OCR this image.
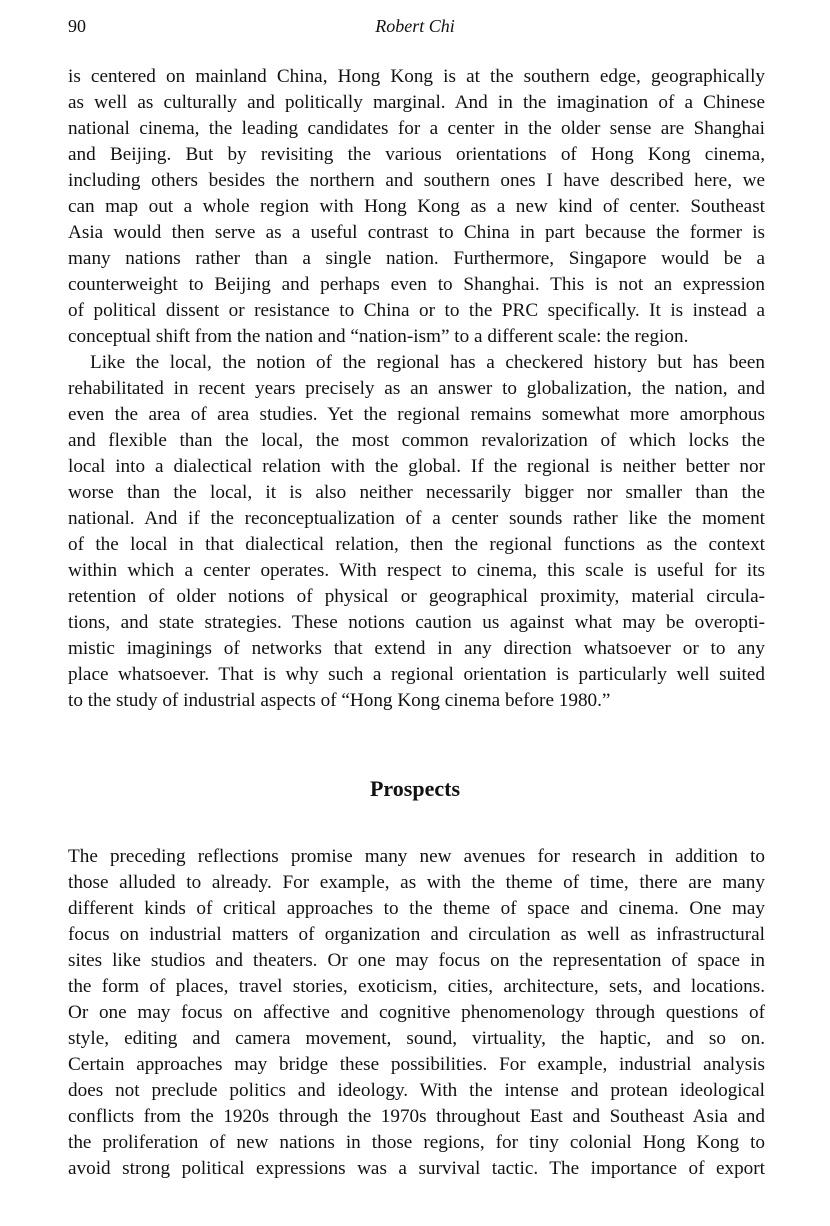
90	Robert Chi
is centered on mainland China, Hong Kong is at the southern edge, geographically
as well as culturally and politically marginal. And in the imagination of a Chinese
national cinema, the leading candidates for a center in the older sense are Shanghai
and Beijing. But by revisiting the various orientations of Hong Kong cinema,
including others besides the northern and southern ones I have described here, we
can map out a whole region with Hong Kong as a new kind of center. Southeast
Asia would then serve as a useful contrast to China in part because the former is
many nations rather than a single nation. Furthermore, Singapore would be a
counterweight to Beijing and perhaps even to Shanghai. This is not an expression
of political dissent or resistance to China or to the PRC specifically. It is instead a
conceptual shift from the nation and “nation-ism” to a different scale: the region.
Like the local, the notion of the regional has a checkered history but has been
rehabilitated in recent years precisely as an answer to globalization, the nation, and
even the area of area studies. Yet the regional remains somewhat more amorphous
and flexible than the local, the most common revalorization of which locks the
local into a dialectical relation with the global. If the regional is neither better nor
worse than the local, it is also neither necessarily bigger nor smaller than the
national. And if the reconceptualization of a center sounds rather like the moment
of the local in that dialectical relation, then the regional functions as the context
within which a center operates. With respect to cinema, this scale is useful for its
retention of older notions of physical or geographical proximity, material circula-
tions, and state strategies. These notions caution us against what may be overopti-
mistic imaginings of networks that extend in any direction whatsoever or to any
place whatsoever. That is why such a regional orientation is particularly well suited
to the study of industrial aspects of “Hong Kong cinema before 1980.”
Prospects
The preceding reflections promise many new avenues for research in addition to
those alluded to already. For example, as with the theme of time, there are many
different kinds of critical approaches to the theme of space and cinema. One may
focus on industrial matters of organization and circulation as well as infrastructural
sites like studios and theaters. Or one may focus on the representation of space in
the form of places, travel stories, exoticism, cities, architecture, sets, and locations.
Or one may focus on affective and cognitive phenomenology through questions of
style, editing and camera movement, sound, virtuality, the haptic, and so on.
Certain approaches may bridge these possibilities. For example, industrial analysis
does not preclude politics and ideology. With the intense and protean ideological
conflicts from the 1920s through the 1970s throughout East and Southeast Asia and
the proliferation of new nations in those regions, for tiny colonial Hong Kong to
avoid strong political expressions was a survival tactic. The importance of export
